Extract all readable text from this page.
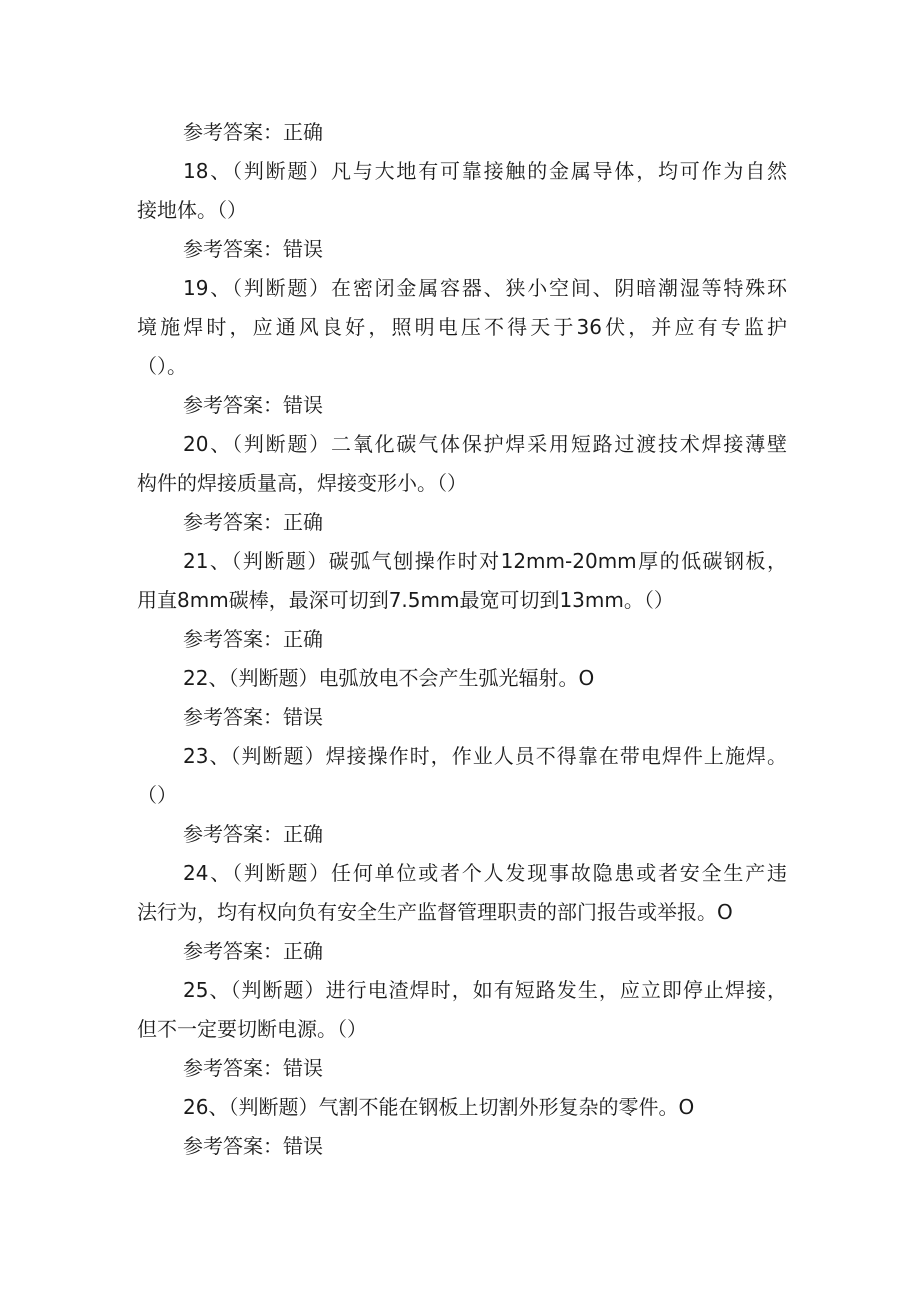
参考答案：正确
18、（判断题）凡与大地有可靠接触的金属导体，均可作为自然
接地体。（）
参考答案：错误
19、（判断题）在密闭金属容器、狭小空间、阴暗潮湿等特殊环
境施焊时，应通风良好，照明电压不得天于36伏，并应有专监护
（）。
参考答案：错误
20、（判断题）二氧化碳气体保护焊采用短路过渡技术焊接薄壁
构件的焊接质量高，焊接变形小。（）
参考答案：正确
21、（判断题）碳弧气刨操作时对12mm-20mm厚的低碳钢板，
用直8mm碳棒，最深可切到7.5mm最宽可切到13mm。（）
参考答案：正确
22、（判断题）电弧放电不会产生弧光辐射。O
参考答案：错误
23、（判断题）焊接操作时，作业人员不得靠在带电焊件上施焊。
（）
参考答案：正确
24、（判断题）任何单位或者个人发现事故隐患或者安全生产违
法行为，均有权向负有安全生产监督管理职责的部门报告或举报。O
参考答案：正确
25、（判断题）进行电渣焊时，如有短路发生，应立即停止焊接，
但不一定要切断电源。（）
参考答案：错误
26、（判断题）气割不能在钢板上切割外形复杂的零件。O
参考答案：错误
